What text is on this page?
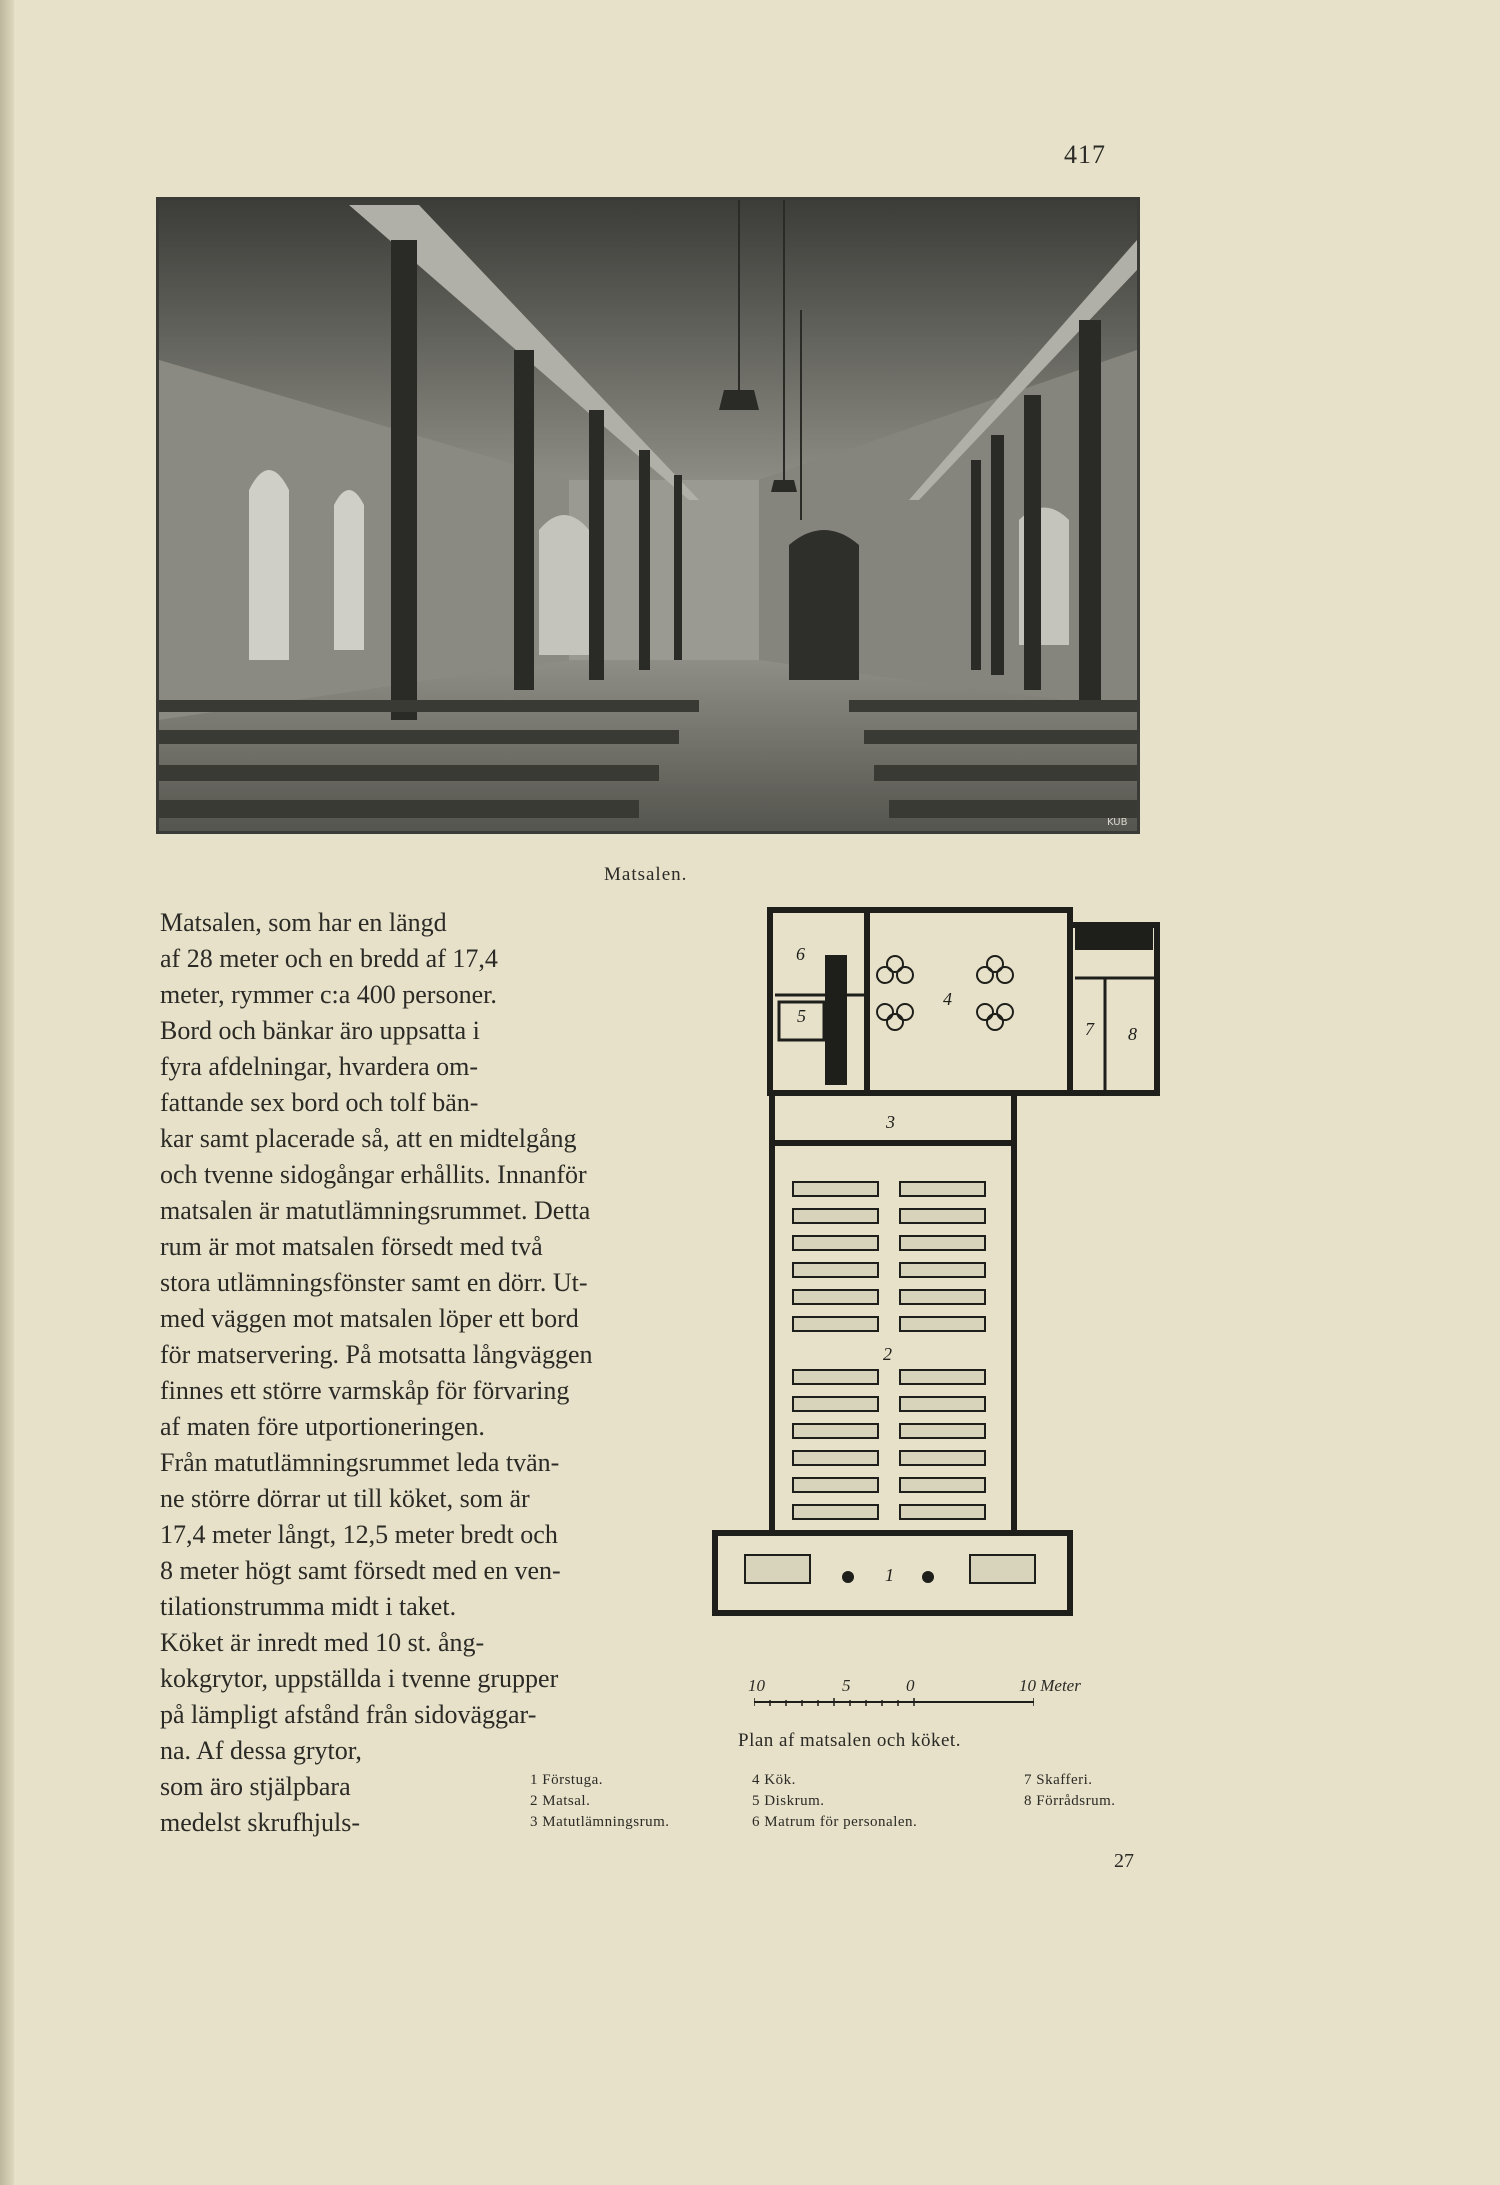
417
KUB
Matsalen.

Matsalen, som har en längd

af 28 meter och en bredd af 17,4

meter, rymmer c:a 400 personer.

Bord och bänkar äro uppsatta i

fyra afdelningar, hvardera om-

fattande sex bord och tolf bän-

kar samt placerade så, att en midtelgång

och tvenne sidogångar erhållits. Innanför

matsalen är matutlämningsrummet. Detta

rum är mot matsalen försedt med två

stora utlämningsfönster samt en dörr. Ut-

med väggen mot matsalen löper ett bord

för matservering. På motsatta långväggen

finnes ett större varmskåp för förvaring

af maten före utportioneringen.

Från matutlämningsrummet leda tvän-

ne större dörrar ut till köket, som är

17,4 meter långt, 12,5 meter bredt och

8 meter högt samt försedt med en ven-

tilationstrumma midt i taket.

Köket är inredt med 10 st. ång-

kokgrytor, uppställda i tvenne grupper

på lämpligt afstånd från sidoväggar-

na. Af dessa grytor,

som äro stjälpbara

medelst skrufhjuls-

1
2
3
4
5
6
7 8
10	5	0	10 Meter
Plan af matsalen och köket.
1 Förstuga.
2 Matsal.
3 Matutlämningsrum.
4 Kök.
5 Diskrum.
6 Matrum för personalen.
7 Skafferi.
8 Förrådsrum.
27
